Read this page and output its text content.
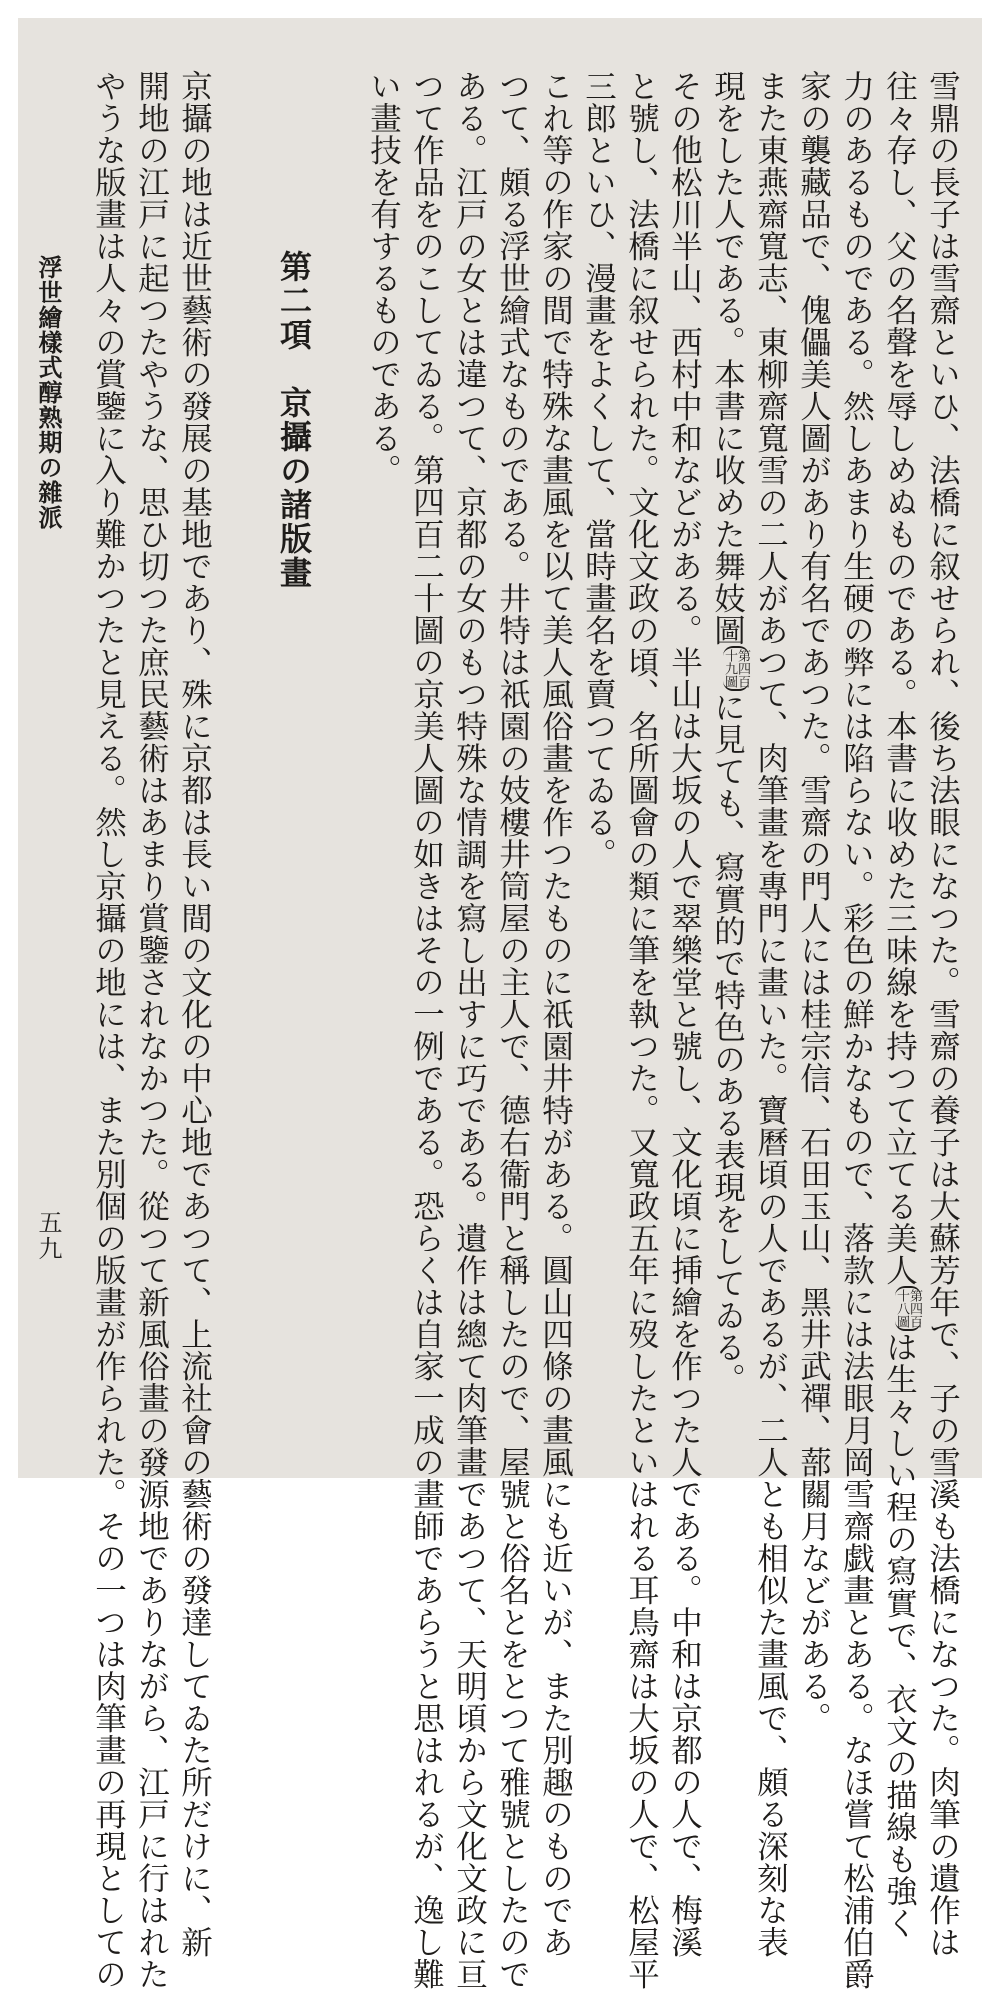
雪鼎の長子は雪齋といひ、法橋に叙せられ、後ち法眼になつた。雪齋の養子は大蘇芳年で、子の雪溪も法橋になつた。肉筆の遺作は
往々存し、父の名聲を辱しめぬものである。本書に收めた三味線を持つて立てる美人第四百
十八圖は生々しい程の寫實で、衣文の描線も強く
力のあるものである。然しあまり生硬の弊には陷らない。彩色の鮮かなもので、落款には法眼月岡雪齋戯畫とある。なほ嘗て松浦伯爵
家の襲藏品で、傀儡美人圖があり有名であつた。雪齋の門人には桂宗信、石田玉山、黑井武禪、蔀關月などがある。
また東燕齋寬志、東柳齋寬雪の二人があつて、肉筆畫を專門に畫いた。寶曆頃の人であるが、二人とも相似た畫風で、頗る深刻な表
現をした人である。本書に收めた舞妓圖第四百
十九圖に見ても、寫實的で特色のある表現をしてゐる。
その他松川半山、西村中和などがある。半山は大坂の人で翠樂堂と號し、文化頃に挿繪を作つた人である。中和は京都の人で、梅溪
と號し、法橋に叙せられた。文化文政の頃、名所圖會の類に筆を執つた。又寬政五年に歿したといはれる耳鳥齋は大坂の人で、松屋平
三郎といひ、漫畫をよくして、當時畫名を賣つてゐる。
これ等の作家の間で特殊な畫風を以て美人風俗畫を作つたものに祇園井特がある。圓山四條の畫風にも近いが、また別趣のものであ
つて、頗る浮世繪式なものである。井特は祇園の妓樓井筒屋の主人で、德右衞門と稱したので、屋號と俗名とをとつて雅號としたので
ある。江戸の女とは違つて、京都の女のもつ特殊な情調を寫し出すに巧である。遺作は總て肉筆畫であつて、天明頃から文化文政に亘
つて作品をのこしてゐる。第四百二十圖の京美人圖の如きはその一例である。恐らくは自家一成の畫師であらうと思はれるが、逸し難
い畫技を有するものである。
第二項　京攝の諸版畫
京攝の地は近世藝術の發展の基地であり、殊に京都は長い間の文化の中心地であつて、上流社會の藝術の發達してゐた所だけに、新
開地の江戸に起つたやうな、思ひ切つた庶民藝術はあまり賞鑒されなかつた。從つて新風俗畫の發源地でありながら、江戸に行はれた
やうな版畫は人々の賞鑒に入り難かつたと見える。然し京攝の地には、また別個の版畫が作られた。その一つは肉筆畫の再現としての
浮世繪樣式醇熟期の雜派
五九
